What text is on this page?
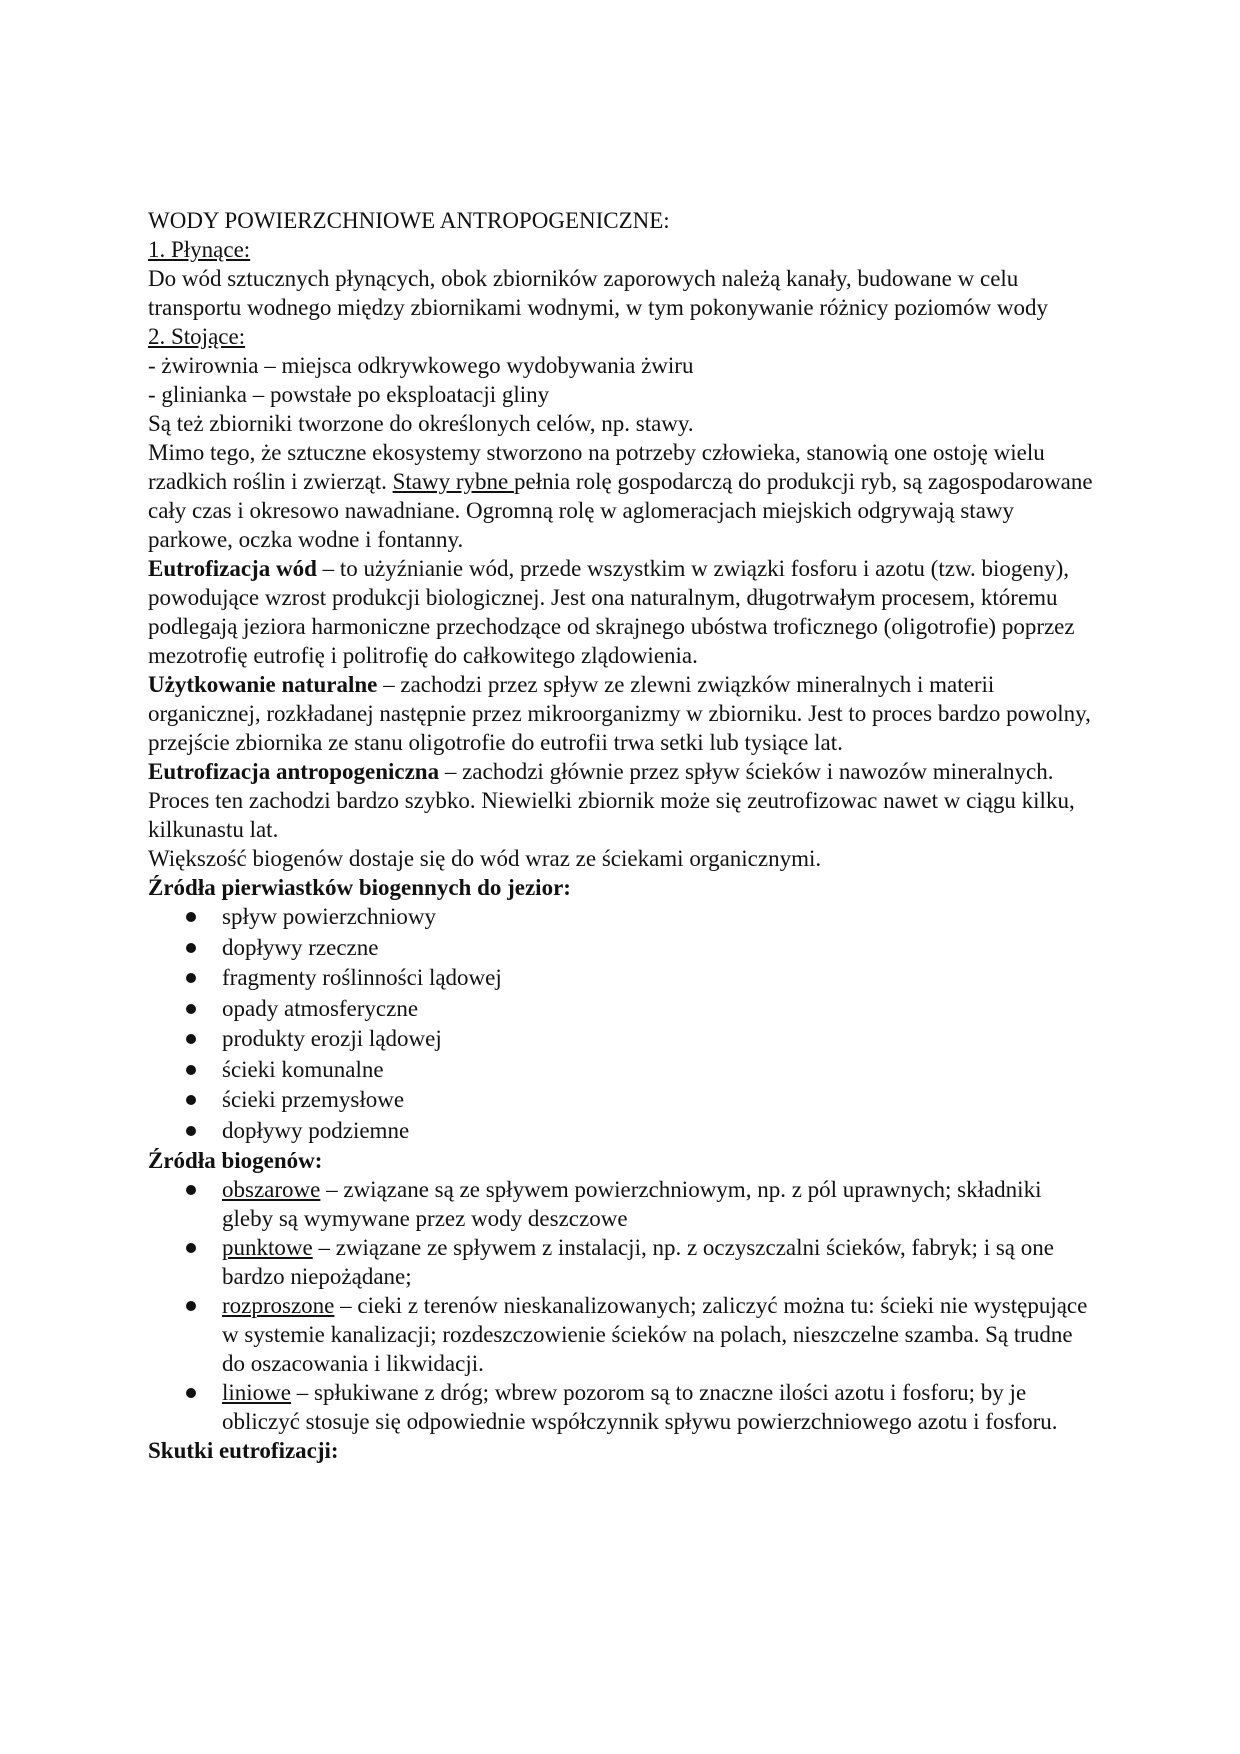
WODY POWIERZCHNIOWE ANTROPOGENICZNE:

1. Płynące:

Do wód sztucznych płynących, obok zbiorników zaporowych należą kanały, budowane w celu transportu wodnego między zbiornikami wodnymi, w tym pokonywanie różnicy poziomów wody

2. Stojące:

- żwirownia – miejsca odkrywkowego wydobywania żwiru

- glinianka – powstałe po eksploatacji gliny

Są też zbiorniki tworzone do określonych celów, np. stawy.

Mimo tego, że sztuczne ekosystemy stworzono na potrzeby człowieka, stanowią one ostoję wielu rzadkich roślin i zwierząt. Stawy rybne pełnia rolę gospodarczą do produkcji ryb, są zagospodarowane cały czas i okresowo nawadniane. Ogromną rolę w aglomeracjach miejskich odgrywają stawy parkowe, oczka wodne i fontanny.

Eutrofizacja wód – to użyźnianie wód, przede wszystkim w związki fosforu i azotu (tzw. biogeny), powodujące wzrost produkcji biologicznej. Jest ona naturalnym, długotrwałym procesem, któremu podlegają jeziora harmoniczne przechodzące od skrajnego ubóstwa troficznego (oligotrofie) poprzez mezotrofię eutrofię i politrofię do całkowitego zlądowienia.

Użytkowanie naturalne – zachodzi przez spływ ze zlewni związków mineralnych i materii organicznej, rozkładanej następnie przez mikroorganizmy w zbiorniku. Jest to proces bardzo powolny, przejście zbiornika ze stanu oligotrofie do eutrofii trwa setki lub tysiące lat.

Eutrofizacja antropogeniczna – zachodzi głównie przez spływ ścieków i nawozów mineralnych. Proces ten zachodzi bardzo szybko. Niewielki zbiornik może się zeutrofizowac nawet w ciągu kilku, kilkunastu lat.

Większość biogenów dostaje się do wód wraz ze ściekami organicznymi.

Źródła pierwiastków biogennych do jezior:

spływ powierzchniowy
dopływy rzeczne
fragmenty roślinności lądowej
opady atmosferyczne
produkty erozji lądowej
ścieki komunalne
ścieki przemysłowe
dopływy podziemne

Źródła biogenów:

obszarowe – związane są ze spływem powierzchniowym, np. z pól uprawnych; składniki gleby są wymywane przez wody deszczowe
punktowe – związane ze spływem z instalacji, np. z oczyszczalni ścieków, fabryk; i są one bardzo niepożądane;
rozproszone – cieki z terenów nieskanalizowanych; zaliczyć można tu: ścieki nie występujące w systemie kanalizacji; rozdeszczowienie ścieków na polach, nieszczelne szamba. Są trudne do oszacowania i likwidacji.
liniowe – spłukiwane z dróg; wbrew pozorom są to znaczne ilości azotu i fosforu; by je obliczyć stosuje się odpowiednie współczynnik spływu powierzchniowego azotu i fosforu.

Skutki eutrofizacji:
